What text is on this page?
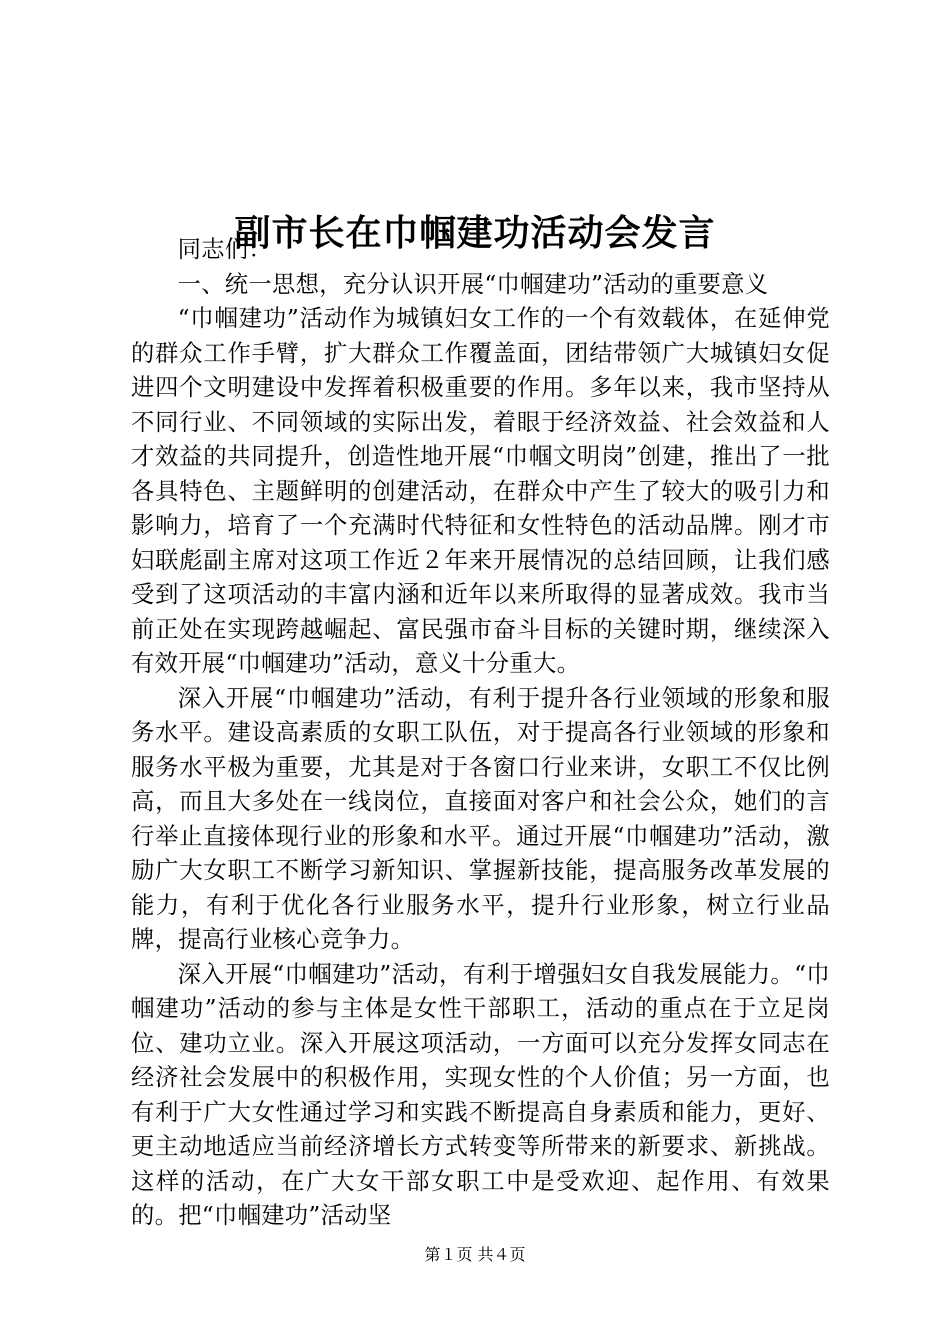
副市长在巾帼建功活动会发言

同志们：

一、统一思想，充分认识开展“巾帼建功”活动的重要意义

“巾帼建功”活动作为城镇妇女工作的一个有效载体，在延伸党的群众工作手臂，扩大群众工作覆盖面，团结带领广大城镇妇女促进四个文明建设中发挥着积极重要的作用。多年以来，我市坚持从不同行业、不同领域的实际出发，着眼于经济效益、社会效益和人才效益的共同提升，创造性地开展“巾帼文明岗”创建，推出了一批各具特色、主题鲜明的创建活动，在群众中产生了较大的吸引力和影响力，培育了一个充满时代特征和女性特色的活动品牌。刚才市妇联彪副主席对这项工作近２年来开展情况的总结回顾，让我们感受到了这项活动的丰富内涵和近年以来所取得的显著成效。我市当前正处在实现跨越崛起、富民强市奋斗目标的关键时期，继续深入有效开展“巾帼建功”活动，意义十分重大。

深入开展“巾帼建功”活动，有利于提升各行业领域的形象和服务水平。建设高素质的女职工队伍，对于提高各行业领域的形象和服务水平极为重要，尤其是对于各窗口行业来讲，女职工不仅比例高，而且大多处在一线岗位，直接面对客户和社会公众，她们的言行举止直接体现行业的形象和水平。通过开展“巾帼建功”活动，激励广大女职工不断学习新知识、掌握新技能，提高服务改革发展的能力，有利于优化各行业服务水平，提升行业形象，树立行业品牌，提高行业核心竞争力。

深入开展“巾帼建功”活动，有利于增强妇女自我发展能力。“巾帼建功”活动的参与主体是女性干部职工，活动的重点在于立足岗位、建功立业。深入开展这项活动，一方面可以充分发挥女同志在经济社会发展中的积极作用，实现女性的个人价值；另一方面，也有利于广大女性通过学习和实践不断提高自身素质和能力，更好、更主动地适应当前经济增长方式转变等所带来的新要求、新挑战。这样的活动，在广大女干部女职工中是受欢迎、起作用、有效果的。把“巾帼建功”活动坚

第１页 共４页
